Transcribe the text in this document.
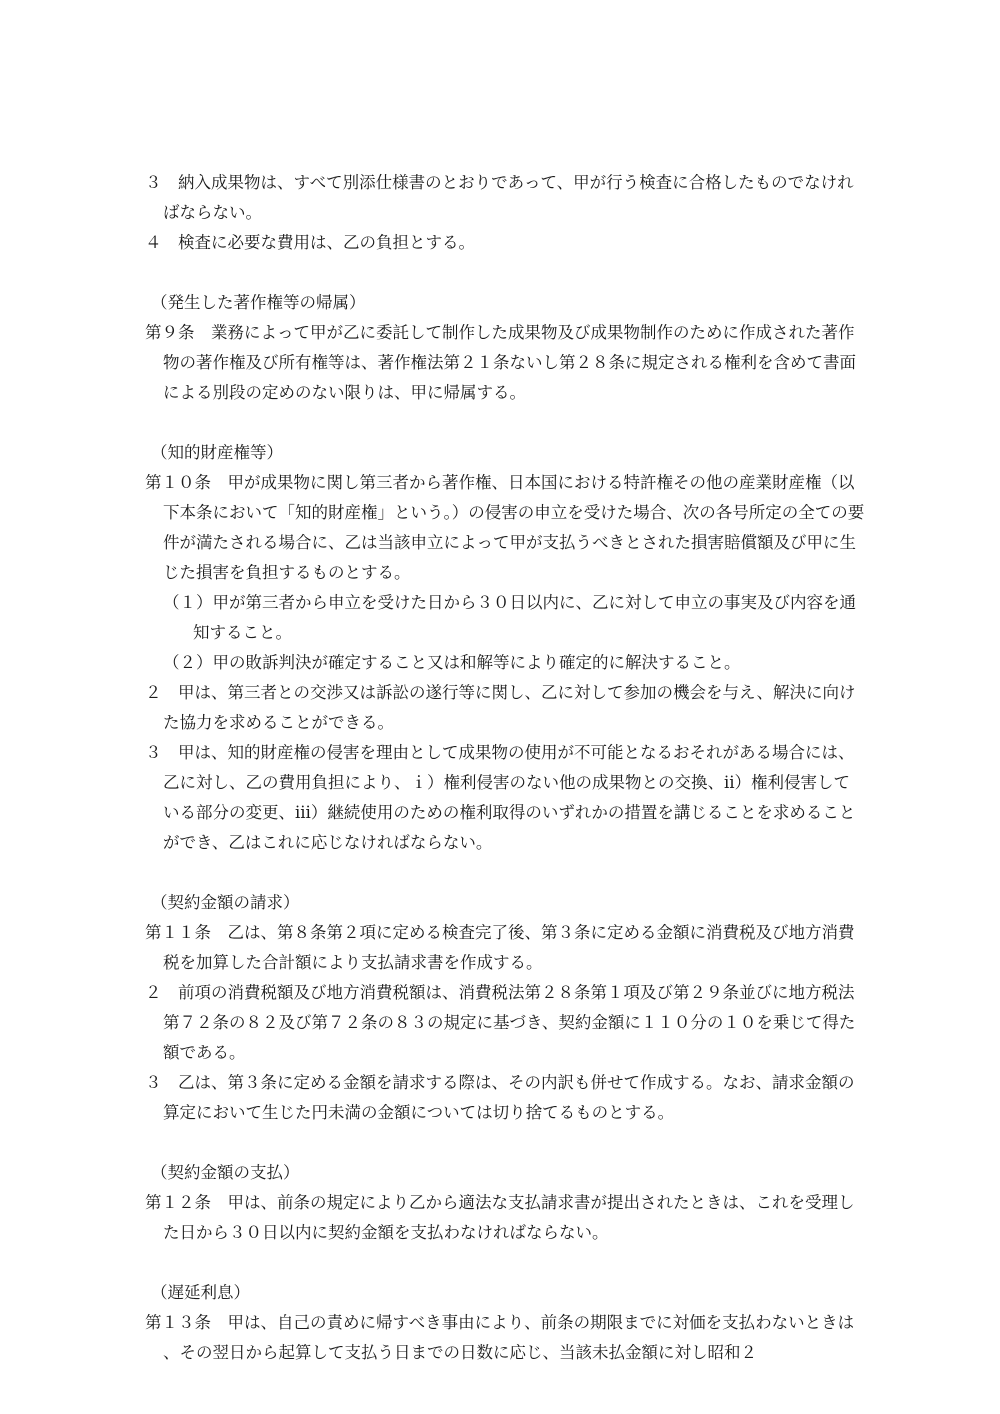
３　納入成果物は、すべて別添仕様書のとおりであって、甲が行う検査に合格したものでなければならない。

４　検査に必要な費用は、乙の負担とする。

（発生した著作権等の帰属）

第９条　業務によって甲が乙に委託して制作した成果物及び成果物制作のために作成された著作物の著作権及び所有権等は、著作権法第２１条ないし第２８条に規定される権利を含めて書面による別段の定めのない限りは、甲に帰属する。

（知的財産権等）

第１０条　甲が成果物に関し第三者から著作権、日本国における特許権その他の産業財産権（以下本条において「知的財産権」という。）の侵害の申立を受けた場合、次の各号所定の全ての要件が満たされる場合に、乙は当該申立によって甲が支払うべきとされた損害賠償額及び甲に生じた損害を負担するものとする。

（１）甲が第三者から申立を受けた日から３０日以内に、乙に対して申立の事実及び内容を通知すること。

（２）甲の敗訴判決が確定すること又は和解等により確定的に解決すること。

２　甲は、第三者との交渉又は訴訟の遂行等に関し、乙に対して参加の機会を与え、解決に向けた協力を求めることができる。

３　甲は、知的財産権の侵害を理由として成果物の使用が不可能となるおそれがある場合には、乙に対し、乙の費用負担により、ｉ）権利侵害のない他の成果物との交換、ⅱ）権利侵害している部分の変更、ⅲ）継続使用のための権利取得のいずれかの措置を講じることを求めることができ、乙はこれに応じなければならない。

（契約金額の請求）

第１１条　乙は、第８条第２項に定める検査完了後、第３条に定める金額に消費税及び地方消費税を加算した合計額により支払請求書を作成する。

２　前項の消費税額及び地方消費税額は、消費税法第２８条第１項及び第２９条並びに地方税法第７２条の８２及び第７２条の８３の規定に基づき、契約金額に１１０分の１０を乗じて得た額である。

３　乙は、第３条に定める金額を請求する際は、その内訳も併せて作成する。なお、請求金額の算定において生じた円未満の金額については切り捨てるものとする。

（契約金額の支払）

第１２条　甲は、前条の規定により乙から適法な支払請求書が提出されたときは、これを受理した日から３０日以内に契約金額を支払わなければならない。

（遅延利息）

第１３条　甲は、自己の責めに帰すべき事由により、前条の期限までに対価を支払わないときは、その翌日から起算して支払う日までの日数に応じ、当該未払金額に対し昭和２
